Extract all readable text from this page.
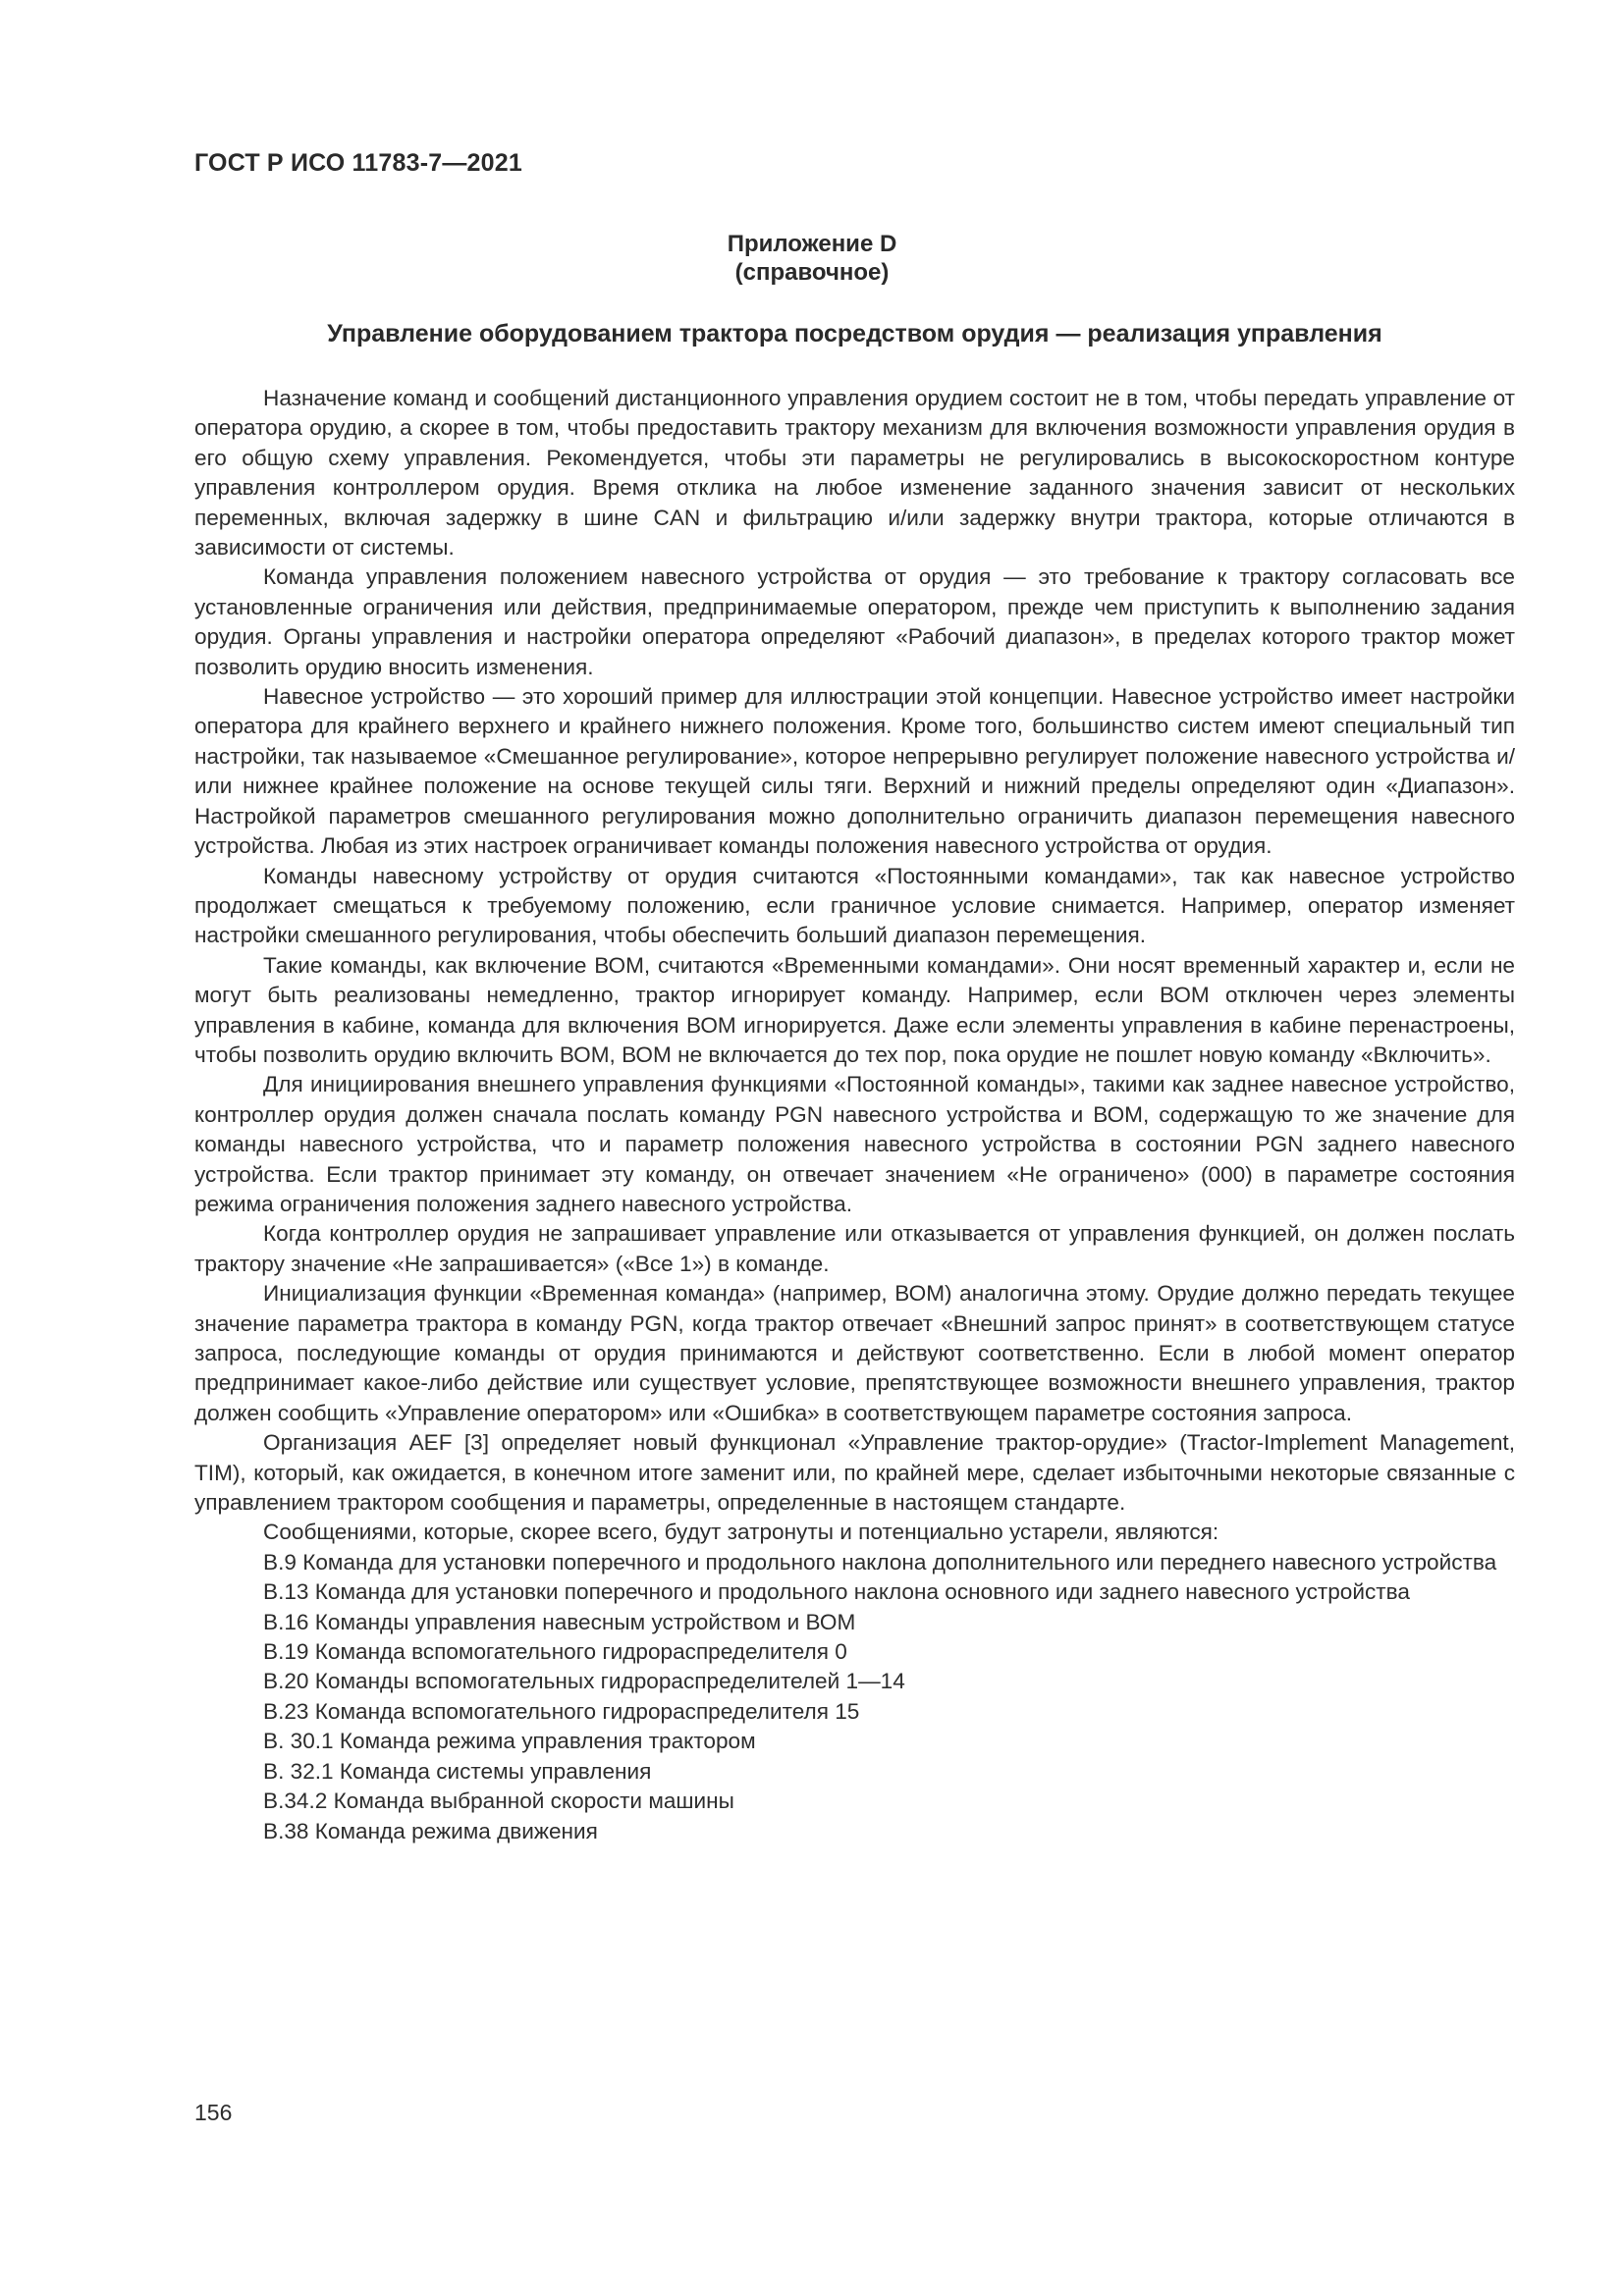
ГОСТ Р ИСО 11783-7—2021
Приложение D
(справочное)
Управление оборудованием трактора посредством орудия — реализация управления

Назначение команд и сообщений дистанционного управления орудием состоит не в том, чтобы передать управление от оператора орудию, а скорее в том, чтобы предоставить трактору механизм для включения возможности управления орудия в его общую схему управления. Рекомендуется, чтобы эти параметры не регулировались в высокоскоростном контуре управления контроллером орудия. Время отклика на любое изменение заданного значения зависит от нескольких переменных, включая задержку в шине CAN и фильтрацию и/или задержку внутри трактора, которые отличаются в зависимости от системы.

Команда управления положением навесного устройства от орудия — это требование к трактору согласовать все установленные ограничения или действия, предпринимаемые оператором, прежде чем приступить к выполнению задания орудия. Органы управления и настройки оператора определяют «Рабочий диапазон», в пределах которого трактор может позволить орудию вносить изменения.

Навесное устройство — это хороший пример для иллюстрации этой концепции. Навесное устройство имеет настройки оператора для крайнего верхнего и крайнего нижнего положения. Кроме того, большинство систем имеют специальный тип настройки, так называемое «Смешанное регулирование», которое непрерывно регулирует положение навесного устройства и/или нижнее крайнее положение на основе текущей силы тяги. Верхний и нижний пределы определяют один «Диапазон». Настройкой параметров смешанного регулирования можно дополнительно ограничить диапазон перемещения навесного устройства. Любая из этих настроек ограничивает команды положения навесного устройства от орудия.

Команды навесному устройству от орудия считаются «Постоянными командами», так как навесное устройство продолжает смещаться к требуемому положению, если граничное условие снимается. Например, оператор изменяет настройки смешанного регулирования, чтобы обеспечить больший диапазон перемещения.

Такие команды, как включение ВОМ, считаются «Временными командами». Они носят временный характер и, если не могут быть реализованы немедленно, трактор игнорирует команду. Например, если ВОМ отключен через элементы управления в кабине, команда для включения ВОМ игнорируется. Даже если элементы управления в кабине перенастроены, чтобы позволить орудию включить ВОМ, ВОМ не включается до тех пор, пока орудие не пошлет новую команду «Включить».

Для инициирования внешнего управления функциями «Постоянной команды», такими как заднее навесное устройство, контроллер орудия должен сначала послать команду PGN навесного устройства и ВОМ, содержащую то же значение для команды навесного устройства, что и параметр положения навесного устройства в состоянии PGN заднего навесного устройства. Если трактор принимает эту команду, он отвечает значением «Не ограничено» (000) в параметре состояния режима ограничения положения заднего навесного устройства.

Когда контроллер орудия не запрашивает управление или отказывается от управления функцией, он должен послать трактору значение «Не запрашивается» («Все 1») в команде.

Инициализация функции «Временная команда» (например, ВОМ) аналогична этому. Орудие должно передать текущее значение параметра трактора в команду PGN, когда трактор отвечает «Внешний запрос принят» в соответствующем статусе запроса, последующие команды от орудия принимаются и действуют соответственно. Если в любой момент оператор предпринимает какое-либо действие или существует условие, препятствующее возможности внешнего управления, трактор должен сообщить «Управление оператором» или «Ошибка» в соответствующем параметре состояния запроса.

Организация AEF [3] определяет новый функционал «Управление трактор-орудие» (Tractor-Implement Management, TIM), который, как ожидается, в конечном итоге заменит или, по крайней мере, сделает избыточными некоторые связанные с управлением трактором сообщения и параметры, определенные в настоящем стандарте.

Сообщениями, которые, скорее всего, будут затронуты и потенциально устарели, являются:

B.9 Команда для установки поперечного и продольного наклона дополнительного или переднего навесного устройства

B.13 Команда для установки поперечного и продольного наклона основного иди заднего навесного устройства

B.16 Команды управления навесным устройством и ВОМ

B.19 Команда вспомогательного гидрораспределителя 0

B.20 Команды вспомогательных гидрораспределителей 1—14

B.23 Команда вспомогательного гидрораспределителя 15

B. 30.1 Команда режима управления трактором

B. 32.1 Команда системы управления

B.34.2 Команда выбранной скорости машины

B.38 Команда режима движения

156
